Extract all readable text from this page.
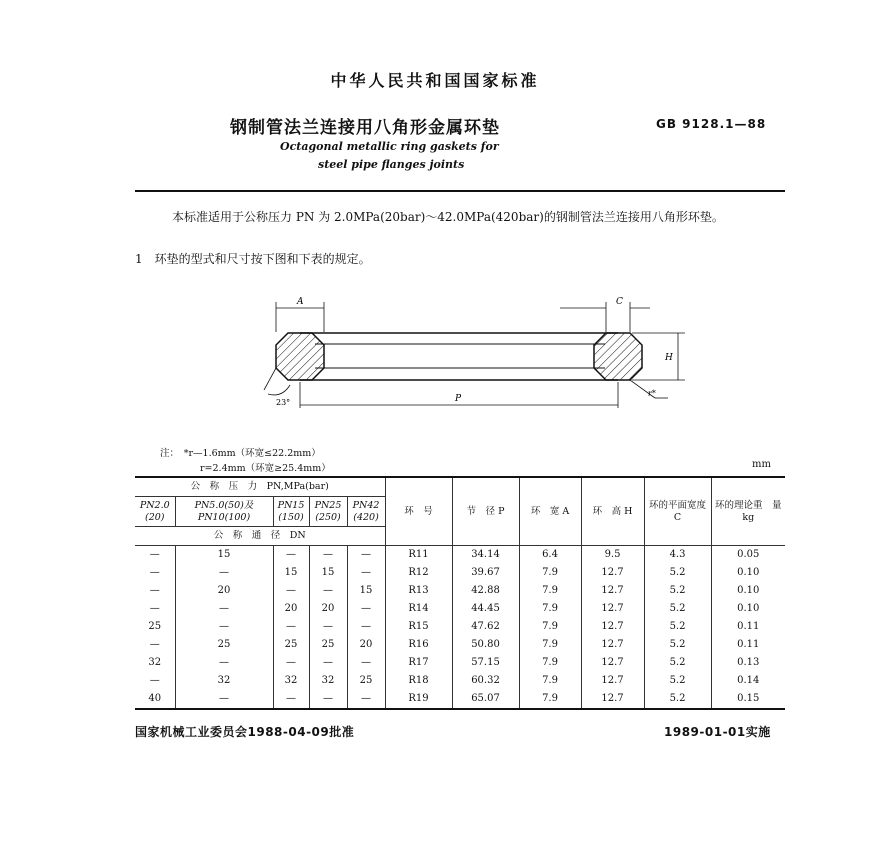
中华人民共和国国家标准
钢制管法兰连接用八角形金属环垫	GB 9128.1—88
Octagonal metallic ring gaskets for
steel pipe flanges joints
本标准适用于公称压力 PN 为 2.0MPa(20bar)～42.0MPa(420bar)的钢制管法兰连接用八角形环垫。
1　环垫的型式和尺寸按下图和下表的规定。
A	C
H
P
23°
r*
注：　*r—1.6mm（环宽≤22.2mm）
r=2.4mm（环宽≥25.4mm）	mm
公　称　压　力　PN,MPa(bar)					环　号	节　径 P	环　宽 A	环　高 H	环的平面宽度 C	环的理论重　量 kg
PN2.0 (20)	PN5.0(50)及 PN10(100)	PN15 (150)	PN25 (250)	PN42 (420)						
公　称　通　径　DN										
—	15	—	—	—	R11	34.14	6.4	9.5	4.3	0.05
—	—	15	15	—	R12	39.67	7.9	12.7	5.2	0.10
—	20	—	—	15	R13	42.88	7.9	12.7	5.2	0.10
—	—	20	20	—	R14	44.45	7.9	12.7	5.2	0.10
25	—	—	—	—	R15	47.62	7.9	12.7	5.2	0.11
—	25	25	25	20	R16	50.80	7.9	12.7	5.2	0.11
32	—	—	—	—	R17	57.15	7.9	12.7	5.2	0.13
—	32	32	32	25	R18	60.32	7.9	12.7	5.2	0.14
40	—	—	—	—	R19	65.07	7.9	12.7	5.2	0.15
国家机械工业委员会1988-04-09批准	1989-01-01实施
